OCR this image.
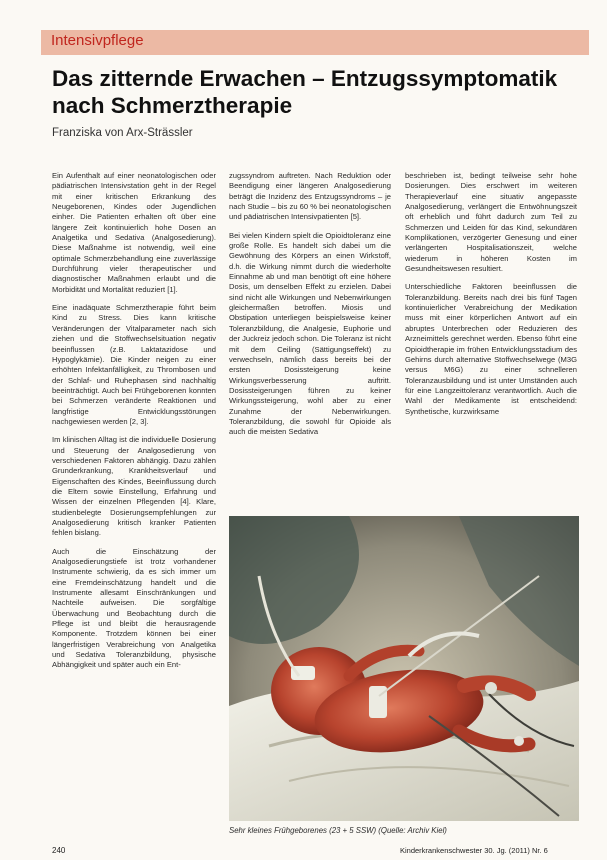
Intensivpflege
Das zitternde Erwachen – Entzugssymptomatik nach Schmerztherapie
Franziska von Arx-Strässler

Ein Aufenthalt auf einer neonatologischen oder pädiatrischen Intensivstation geht in der Regel mit einer kritischen Erkrankung des Neugeborenen, Kindes oder Jugendlichen einher. Die Patienten erhalten oft über eine längere Zeit kontinuierlich hohe Dosen an Analgetika und Sedativa (Analgosedierung). Diese Maßnahme ist notwendig, weil eine optimale Schmerzbehandlung eine zuverlässige Durchführung vieler therapeutischer und diagnostischer Maßnahmen erlaubt und die Morbidität und Mortalität reduziert [1].

Eine inadäquate Schmerztherapie führt beim Kind zu Stress. Dies kann kritische Veränderungen der Vitalparameter nach sich ziehen und die Stoffwechselsituation negativ beeinflussen (z.B. Laktatazidose und Hypoglykämie). Die Kinder neigen zu einer erhöhten Infektanfälligkeit, zu Thrombosen und der Schlaf- und Ruhephasen sind nachhaltig beeinträchtigt. Auch bei Frühgeborenen konnten bei Schmerzen veränderte Reaktionen und langfristige Entwicklungsstörungen nachgewiesen werden [2, 3].

Im klinischen Alltag ist die individuelle Dosierung und Steuerung der Analgosedierung von verschiedenen Faktoren abhängig. Dazu zählen Grunderkrankung, Krankheitsverlauf und Eigenschaften des Kindes, Beeinflussung durch die Eltern sowie Einstellung, Erfahrung und Wissen der einzelnen Pflegenden [4]. Klare, studienbelegte Dosierungsempfehlungen zur Analgosedierung kritisch kranker Patienten fehlen bislang.

Auch die Einschätzung der Analgosedierungstiefe ist trotz vorhandener Instrumente schwierig, da es sich immer um eine Fremdeinschätzung handelt und die Instrumente allesamt Einschränkungen und Nachteile aufweisen. Die sorgfältige Überwachung und Beobachtung durch die Pflege ist und bleibt die herausragende Komponente. Trotzdem können bei einer längerfristigen Verabreichung von Analgetika und Sedativa Toleranzbildung, physische Abhängigkeit und später auch ein Ent-

zugssyndrom auftreten. Nach Reduktion oder Beendigung einer längeren Analgosedierung beträgt die Inzidenz des Entzugssyndroms – je nach Studie – bis zu 60 % bei neonatologischen und pädiatrischen Intensivpatienten [5].

Bei vielen Kindern spielt die Opioidtoleranz eine große Rolle. Es handelt sich dabei um die Gewöhnung des Körpers an einen Wirkstoff, d.h. die Wirkung nimmt durch die wiederholte Einnahme ab und man benötigt oft eine höhere Dosis, um denselben Effekt zu erzielen. Dabei sind nicht alle Wirkungen und Nebenwirkungen gleichermaßen betroffen. Miosis und Obstipation unterliegen beispielsweise keiner Toleranzbildung, die Analgesie, Euphorie und der Juckreiz jedoch schon. Die Toleranz ist nicht mit dem Ceiling (Sättigungseffekt) zu verwechseln, nämlich dass bereits bei der ersten Dosissteigerung keine Wirkungsverbesserung auftritt. Dosissteigerungen führen zu keiner Wirkungssteigerung, wohl aber zu einer Zunahme der Nebenwirkungen. Toleranzbildung, die sowohl für Opioide als auch die meisten Sedativa

beschrieben ist, bedingt teilweise sehr hohe Dosierungen. Dies erschwert im weiteren Therapieverlauf eine situativ angepasste Analgosedierung, verlängert die Entwöhnungszeit oft erheblich und führt dadurch zum Teil zu Schmerzen und Leiden für das Kind, sekundären Komplikationen, verzögerter Genesung und einer verlängerten Hospitalisationszeit, welche wiederum in höheren Kosten im Gesundheitswesen resultiert.

Unterschiedliche Faktoren beeinflussen die Toleranzbildung. Bereits nach drei bis fünf Tagen kontinuierlicher Verabreichung der Medikation muss mit einer körperlichen Antwort auf ein abruptes Unterbrechen oder Reduzieren des Arzneimittels gerechnet werden. Ebenso führt eine Opioidtherapie im frühen Entwicklungsstadium des Gehirns durch alternative Stoffwechselwege (M3G versus M6G) zu einer schnelleren Toleranzausbildung und ist unter Umständen auch für eine Langzeittoleranz verantwortlich. Auch die Wahl der Medikamente ist entscheidend: Synthetische, kurzwirksame

Sehr kleines Frühgeborenes (23 + 5 SSW) (Quelle: Archiv Kiel)
240	Kinderkrankenschwester 30. Jg. (2011) Nr. 6
